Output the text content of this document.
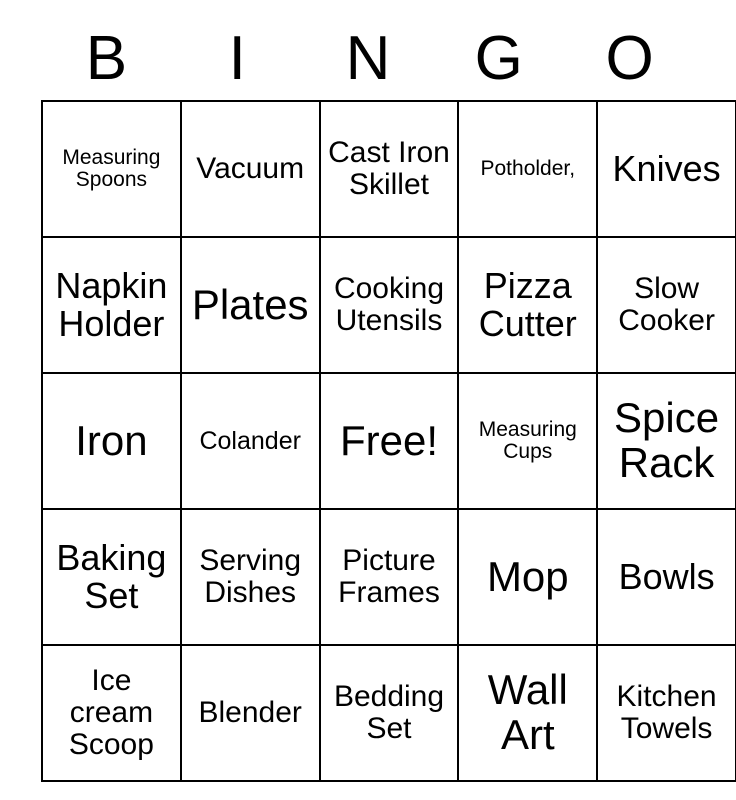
B	I	N	G	O
Measuring Spoons	Vacuum	Cast Iron Skillet	Potholder,	Knives

Napkin Holder	Plates	Cooking Utensils	Pizza Cutter	Slow Cooker

Iron	Colander	Free!	Measuring Cups	Spice Rack

Baking Set	Serving Dishes	Picture Frames	Mop	Bowls

Ice cream Scoop	Blender	Bedding Set	Wall Art	Kitchen Towels
